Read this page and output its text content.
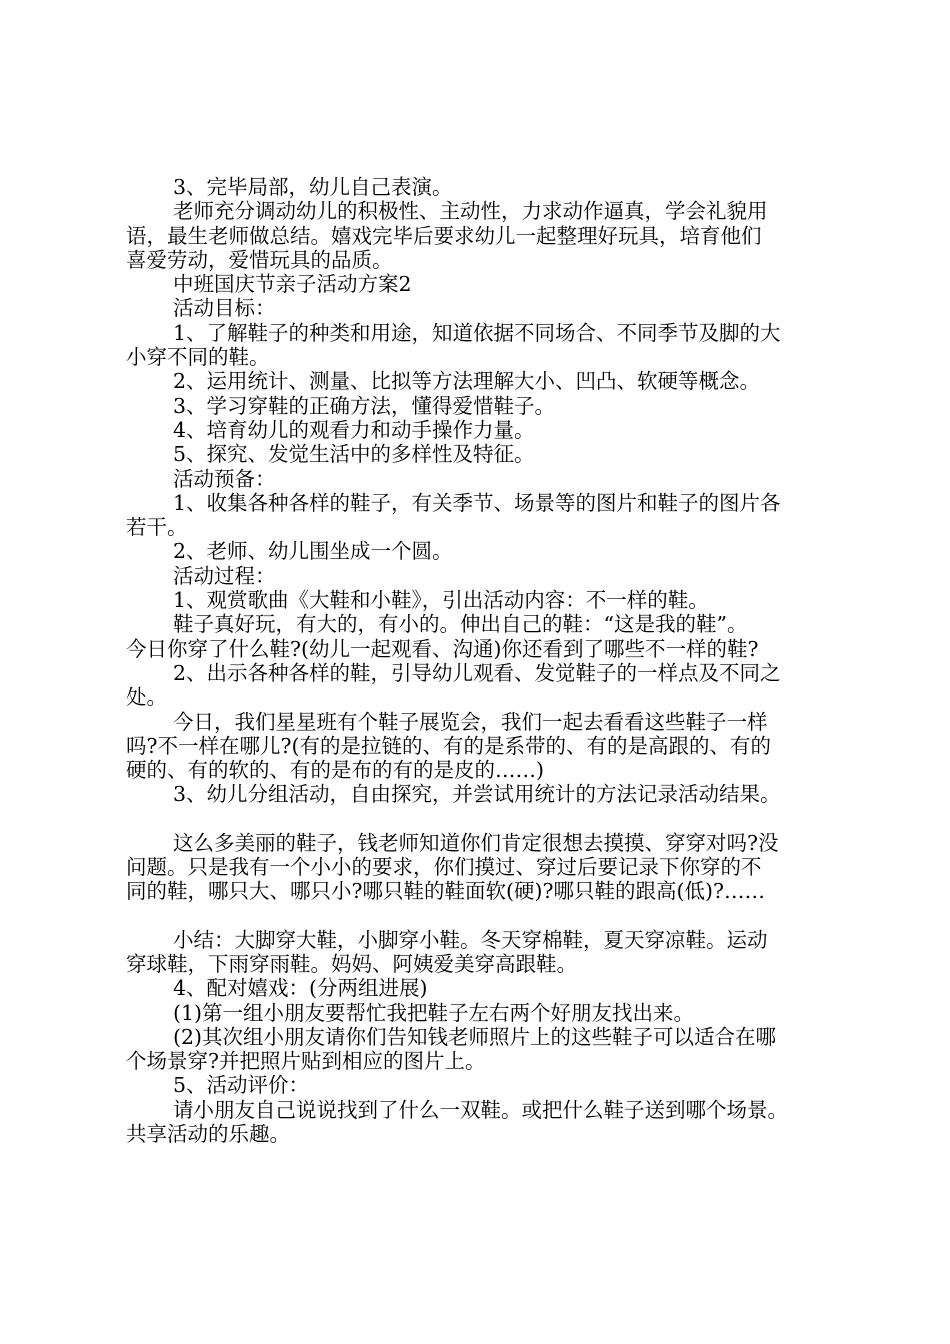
3、完毕局部，幼儿自己表演。
老师充分调动幼儿的积极性、主动性，力求动作逼真，学会礼貌用
语，最生老师做总结。嬉戏完毕后要求幼儿一起整理好玩具，培育他们
喜爱劳动，爱惜玩具的品质。
中班国庆节亲子活动方案2
活动目标：
1、了解鞋子的种类和用途，知道依据不同场合、不同季节及脚的大
小穿不同的鞋。
2、运用统计、测量、比拟等方法理解大小、凹凸、软硬等概念。
3、学习穿鞋的正确方法，懂得爱惜鞋子。
4、培育幼儿的观看力和动手操作力量。
5、探究、发觉生活中的多样性及特征。
活动预备：
1、收集各种各样的鞋子，有关季节、场景等的图片和鞋子的图片各
若干。
2、老师、幼儿围坐成一个圆。
活动过程：
1、观赏歌曲《大鞋和小鞋》，引出活动内容：不一样的鞋。
鞋子真好玩，有大的，有小的。伸出自己的鞋：“这是我的鞋”。
今日你穿了什么鞋?(幼儿一起观看、沟通)你还看到了哪些不一样的鞋?
2、出示各种各样的鞋，引导幼儿观看、发觉鞋子的一样点及不同之
处。
今日，我们星星班有个鞋子展览会，我们一起去看看这些鞋子一样
吗?不一样在哪儿?(有的是拉链的、有的是系带的、有的是高跟的、有的
硬的、有的软的、有的是布的有的是皮的……)
3、幼儿分组活动，自由探究，并尝试用统计的方法记录活动结果。
这么多美丽的鞋子，钱老师知道你们肯定很想去摸摸、穿穿对吗?没
问题。只是我有一个小小的要求，你们摸过、穿过后要记录下你穿的不
同的鞋，哪只大、哪只小?哪只鞋的鞋面软(硬)?哪只鞋的跟高(低)?……
小结：大脚穿大鞋，小脚穿小鞋。冬天穿棉鞋，夏天穿凉鞋。运动
穿球鞋，下雨穿雨鞋。妈妈、阿姨爱美穿高跟鞋。
4、配对嬉戏：(分两组进展)
(1)第一组小朋友要帮忙我把鞋子左右两个好朋友找出来。
(2)其次组小朋友请你们告知钱老师照片上的这些鞋子可以适合在哪
个场景穿?并把照片贴到相应的图片上。
5、活动评价：
请小朋友自己说说找到了什么一双鞋。或把什么鞋子送到哪个场景。
共享活动的乐趣。
